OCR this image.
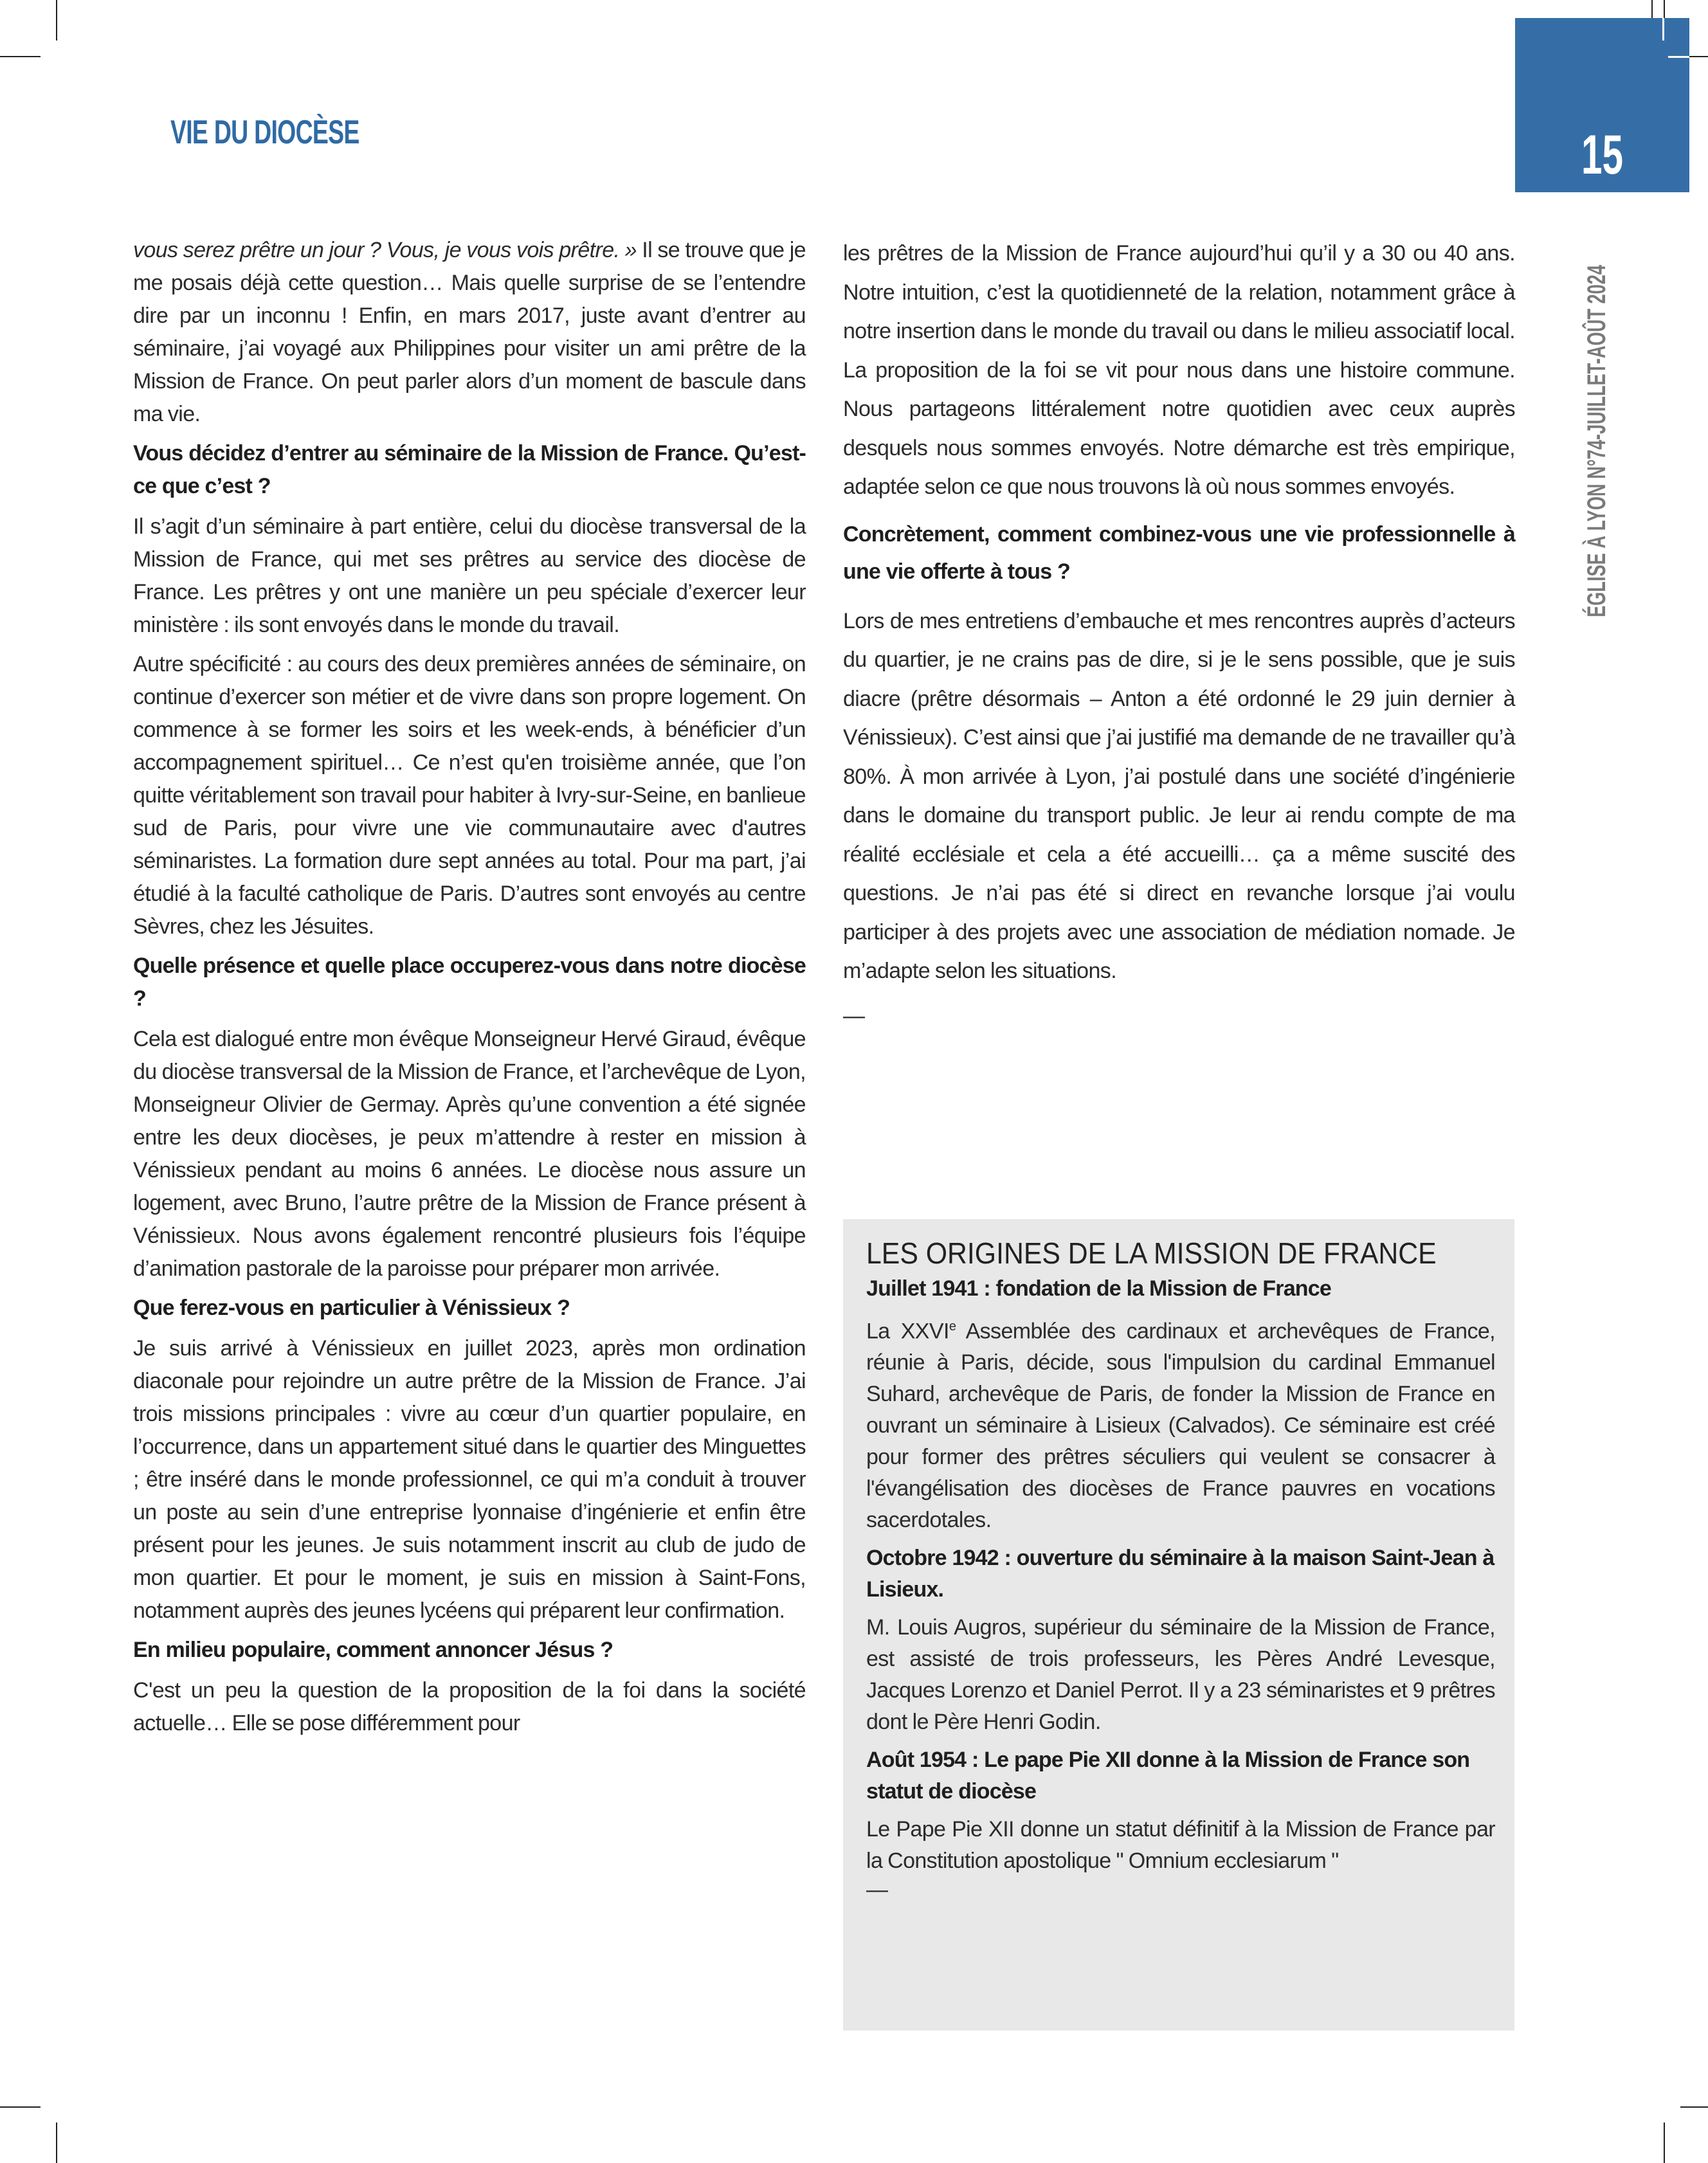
VIE DU DIOCÈSE	15
ÉGLISE À LYON N°74-JUILLET-AOÛT 2024

vous serez prêtre un jour ? Vous, je vous vois prêtre. » Il se trouve que je me posais déjà cette question… Mais quelle surprise de se l’entendre dire par un inconnu ! Enfin, en mars 2017, juste avant d’entrer au séminaire, j’ai voyagé aux Philippines pour visiter un ami prêtre de la Mission de France. On peut parler alors d’un moment de bascule dans ma vie.

Vous décidez d’entrer au séminaire de la Mission de France. Qu’est-ce que c’est ?

Il s’agit d’un séminaire à part entière, celui du diocèse transversal de la Mission de France, qui met ses prêtres au service des diocèse de France. Les prêtres y ont une manière un peu spéciale d’exercer leur ministère : ils sont envoyés dans le monde du travail.

Autre spécificité : au cours des deux premières années de séminaire, on continue d’exercer son métier et de vivre dans son propre logement. On commence à se former les soirs et les week-ends, à bénéficier d’un accompagnement spirituel… Ce n’est qu'en troisième année, que l’on quitte véritablement son travail pour habiter à Ivry-sur-Seine, en banlieue sud de Paris, pour vivre une vie communautaire avec d'autres séminaristes. La formation dure sept années au total. Pour ma part, j’ai étudié à la faculté catholique de Paris. D’autres sont envoyés au centre Sèvres, chez les Jésuites.

Quelle présence et quelle place occuperez-vous dans notre diocèse ?

Cela est dialogué entre mon évêque Monseigneur Hervé Giraud, évêque du diocèse transversal de la Mission de France, et l’archevêque de Lyon, Monseigneur Olivier de Germay. Après qu’une convention a été signée entre les deux diocèses, je peux m’attendre à rester en mission à Vénissieux pendant au moins 6 années. Le diocèse nous assure un logement, avec Bruno, l’autre prêtre de la Mission de France présent à Vénissieux. Nous avons également rencontré plusieurs fois l’équipe d’animation pastorale de la paroisse pour préparer mon arrivée.

Que ferez-vous en particulier à Vénissieux ?

Je suis arrivé à Vénissieux en juillet 2023, après mon ordination diaconale pour rejoindre un autre prêtre de la Mission de France. J’ai trois missions principales : vivre au cœur d’un quartier populaire, en l’occurrence, dans un appartement situé dans le quartier des Minguettes ; être inséré dans le monde professionnel, ce qui m’a conduit à trouver un poste au sein d’une entreprise lyonnaise d’ingénierie et enfin être présent pour les jeunes. Je suis notamment inscrit au club de judo de mon quartier. Et pour le moment, je suis en mission à Saint-Fons, notamment auprès des jeunes lycéens qui préparent leur confirmation.

En milieu populaire, comment annoncer Jésus ?

C'est un peu la question de la proposition de la foi dans la société actuelle… Elle se pose différemment pour

les prêtres de la Mission de France aujourd’hui qu’il y a 30 ou 40 ans. Notre intuition, c’est la quotidienneté de la relation, notamment grâce à notre insertion dans le monde du travail ou dans le milieu associatif local. La proposition de la foi se vit pour nous dans une histoire commune. Nous partageons littéralement notre quotidien avec ceux auprès desquels nous sommes envoyés. Notre démarche est très empirique, adaptée selon ce que nous trouvons là où nous sommes envoyés.

Concrètement, comment combinez-vous une vie professionnelle à une vie offerte à tous ?

Lors de mes entretiens d’embauche et mes rencontres auprès d’acteurs du quartier, je ne crains pas de dire, si je le sens possible, que je suis diacre (prêtre désormais – Anton a été ordonné le 29 juin dernier à Vénissieux). C’est ainsi que j’ai justifié ma demande de ne travailler qu’à 80%. À mon arrivée à Lyon, j’ai postulé dans une société d’ingénierie dans le domaine du transport public. Je leur ai rendu compte de ma réalité ecclésiale et cela a été accueilli… ça a même suscité des questions. Je n’ai pas été si direct en revanche lorsque j’ai voulu participer à des projets avec une association de médiation nomade. Je m’adapte selon les situations.

—

LES ORIGINES DE LA MISSION DE FRANCE

Juillet 1941 : fondation de la Mission de France

La XXVIe Assemblée des cardinaux et archevêques de France, réunie à Paris, décide, sous l'impulsion du cardinal Emmanuel Suhard, archevêque de Paris, de fonder la Mission de France en ouvrant un séminaire à Lisieux (Calvados). Ce séminaire est créé pour former des prêtres séculiers qui veulent se consacrer à l'évangélisation des diocèses de France pauvres en vocations sacerdotales.

Octobre 1942 : ouverture du séminaire à la maison Saint-Jean à Lisieux.

M. Louis Augros, supérieur du séminaire de la Mission de France, est assisté de trois professeurs, les Pères André Levesque, Jacques Lorenzo et Daniel Perrot. Il y a 23 séminaristes et 9 prêtres dont le Père Henri Godin.

Août 1954 : Le pape Pie XII donne à la Mission de France son statut de diocèse

Le Pape Pie XII donne un statut définitif à la Mission de France par la Constitution apostolique " Omnium ecclesiarum "

—
